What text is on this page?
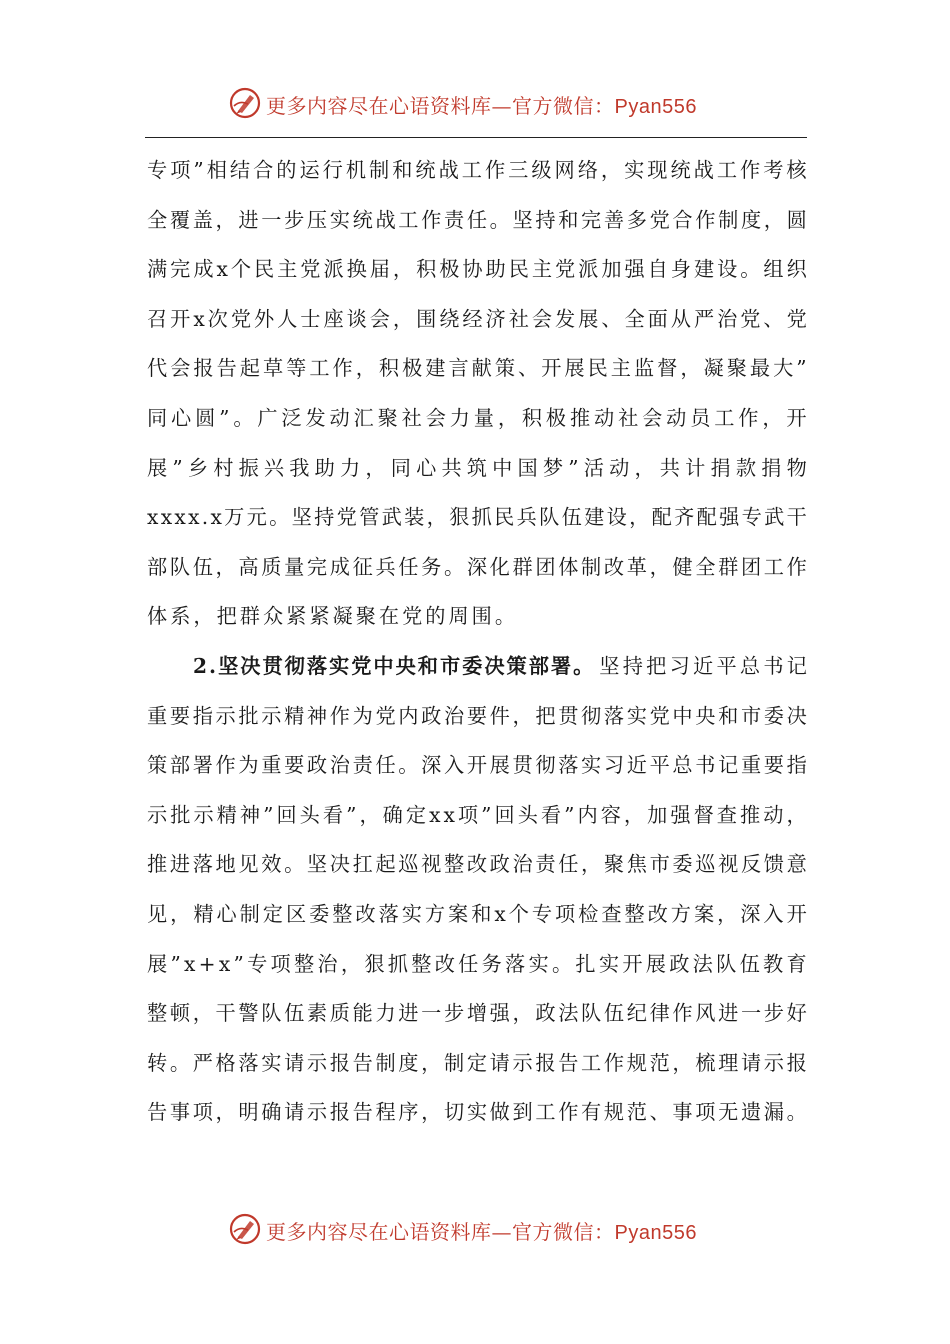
更多内容尽在心语资料库—官方微信：Pyan556
专 项 ” 相 结 合 的 运 行 机 制 和 统 战 工 作 三 级 网 络 ， 实 现 统 战 工 作 考 核
全 覆 盖 ， 进 一 步 压 实 统 战 工 作 责 任 。 坚 持 和 完 善 多 党 合 作 制 度 ， 圆
满 完 成 x 个 民 主 党 派 换 届 ， 积 极 协 助 民 主 党 派 加 强 自 身 建 设 。 组 织
召 开 x 次 党 外 人 士 座 谈 会 ， 围 绕 经 济 社 会 发 展 、 全 面 从 严 治 党 、 党
代 会 报 告 起 草 等 工 作 ， 积 极 建 言 献 策 、 开 展 民 主 监 督 ， 凝 聚 最 大 ”
同 心 圆 ” 。 广 泛 发 动 汇 聚 社 会 力 量 ， 积 极 推 动 社 会 动 员 工 作 ， 开
展 ” 乡 村 振 兴 我 助 力 ， 同 心 共 筑 中 国 梦 ” 活 动 ， 共 计 捐 款 捐 物
x x x x . x 万 元 。 坚 持 党 管 武 装 ， 狠 抓 民 兵 队 伍 建 设 ， 配 齐 配 强 专 武 干
部 队 伍 ， 高 质 量 完 成 征 兵 任 务 。 深 化 群 团 体 制 改 革 ， 健 全 群 团 工 作
体系，把群众紧紧凝聚在党的周围。
2.坚决贯彻落实党中央和市委决策部署。 坚 持 把 习 近 平 总 书 记
重 要 指 示 批 示 精 神 作 为 党 内 政 治 要 件 ， 把 贯 彻 落 实 党 中 央 和 市 委 决
策 部 署 作 为 重 要 政 治 责 任 。 深 入 开 展 贯 彻 落 实 习 近 平 总 书 记 重 要 指
示 批 示 精 神 ” 回 头 看 ” ， 确 定 x x 项 ” 回 头 看 ” 内 容 ， 加 强 督 查 推 动 ，
推 进 落 地 见 效 。 坚 决 扛 起 巡 视 整 改 政 治 责 任 ， 聚 焦 市 委 巡 视 反 馈 意
见 ， 精 心 制 定 区 委 整 改 落 实 方 案 和 x 个 专 项 检 查 整 改 方 案 ， 深 入 开
展 ” x + x ” 专 项 整 治 ， 狠 抓 整 改 任 务 落 实 。 扎 实 开 展 政 法 队 伍 教 育
整 顿 ， 干 警 队 伍 素 质 能 力 进 一 步 增 强 ， 政 法 队 伍 纪 律 作 风 进 一 步 好
转 。 严 格 落 实 请 示 报 告 制 度 ， 制 定 请 示 报 告 工 作 规 范 ， 梳 理 请 示 报
告 事 项 ， 明 确 请 示 报 告 程 序 ， 切 实 做 到 工 作 有 规 范 、 事 项 无 遗 漏 。
更多内容尽在心语资料库—官方微信：Pyan556
